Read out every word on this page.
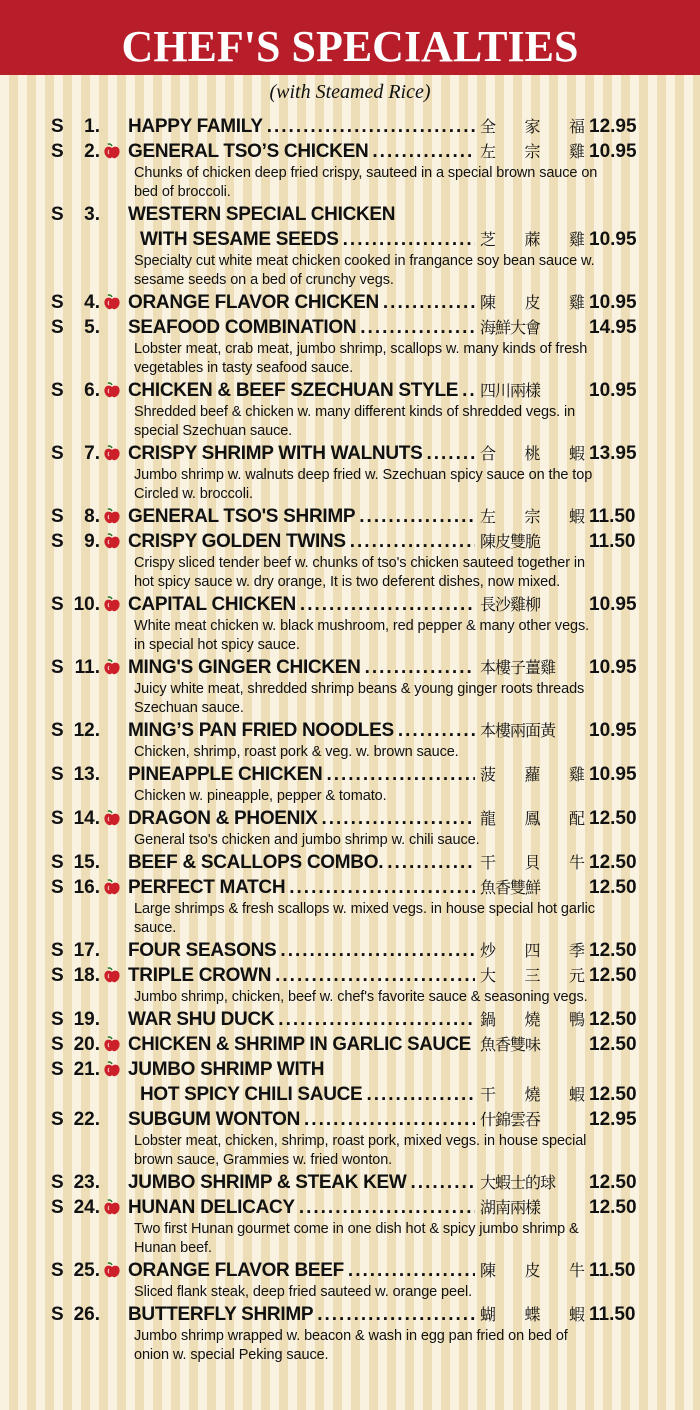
CHEF'S SPECIALTIES
(with Steamed Rice)
S	1. HAPPY FAMILY .....	全 家 福 12.95
S	2. GENERAL TSO’S CHICKEN .....	左 宗 雞 10.95
Chunks of chicken deep fried crispy, sauteed in a special brown sauce on bed of broccoli.
S	3. WESTERN SPECIAL CHICKEN
WITH SESAME SEEDS .....	芝 蔴 雞 10.95
Specialty cut white meat chicken cooked in frangance soy bean sauce w. sesame seeds on a bed of crunchy vegs.
S	4. ORANGE FLAVOR CHICKEN .....	陳 皮 雞 10.95
S	5. SEAFOOD COMBINATION .....	海 鮮 大 會	14.95
Lobster meat, crab meat, jumbo shrimp, scallops w. many kinds of fresh vegetables in tasty seafood sauce.
S	6. CHICKEN & BEEF SZECHUAN STYLE ..... 四 川 兩 樣	10.95
Shredded beef & chicken w. many different kinds of shredded vegs. in special Szechuan sauce.
S	7. CRISPY SHRIMP WITH WALNUTS .....	合 桃 蝦 13.95
Jumbo shrimp w. walnuts deep fried w. Szechuan spicy sauce on the top Circled w. broccoli.
S	8. GENERAL TSO'S SHRIMP .....	左 宗 蝦 11.50
S	9. CRISPY GOLDEN TWINS .....	陳 皮 雙 脆	11.50
Crispy sliced tender beef w. chunks of tso's chicken sauteed together in hot spicy sauce w. dry orange, It is two deferent dishes, now mixed.
S 10. CAPITAL CHICKEN .....	長 沙 雞 柳	10.95
White meat chicken w. black mushroom, red pepper & many other vegs. in special hot spicy sauce.
S 11. MING'S GINGER CHICKEN .....	本 樓 子 薑 雞 10.95
Juicy white meat, shredded shrimp beans & young ginger roots threads Szechuan sauce.
S 12. MING’S PAN FRIED NOODLES .....	本 樓 兩 面 黃 10.95
Chicken, shrimp, roast pork & veg. w. brown sauce.
S 13. PINEAPPLE CHICKEN .....	菠 蘿 雞 10.95
Chicken w. pineapple, pepper & tomato.
S 14. DRAGON & PHOENIX .....	龍 鳳 配 12.50
General tso's chicken and jumbo shrimp w. chili sauce.
S 15. BEEF & SCALLOPS COMBO. .....	干 貝 牛 12.50
S 16. PERFECT MATCH .....	魚 香 雙 鮮	12.50
Large shrimps & fresh scallops w. mixed vegs. in house special hot garlic sauce.
S 17. FOUR SEASONS .....	炒 四 季 12.50
S 18. TRIPLE CROWN .....	大 三 元 12.50
Jumbo shrimp, chicken, beef w. chef's favorite sauce & seasoning vegs.
S 19. WAR SHU DUCK .....	鍋 燒 鴨 12.50
S 20. CHICKEN & SHRIMP IN GARLIC SAUCE 魚 香 雙 味	12.50
S 21. JUMBO SHRIMP WITH
HOT SPICY CHILI SAUCE .....	干 燒 蝦 12.50
S 22. SUBGUM WONTON .....	什 錦 雲 吞	12.95
Lobster meat, chicken, shrimp, roast pork, mixed vegs. in house special brown sauce, Grammies w. fried wonton.
S 23. JUMBO SHRIMP & STEAK KEW .....	大 蝦 士 的 球 12.50
S 24. HUNAN DELICACY .....	湖 南 兩 樣	12.50
Two first Hunan gourmet come in one dish hot & spicy jumbo shrimp & Hunan beef.
S 25. ORANGE FLAVOR BEEF .....	陳 皮 牛 11.50
Sliced flank steak, deep fried sauteed w. orange peel.
S 26. BUTTERFLY SHRIMP .....	蝴 蝶 蝦 11.50
Jumbo shrimp wrapped w. beacon & wash in egg pan fried on bed of onion w. special Peking sauce.
